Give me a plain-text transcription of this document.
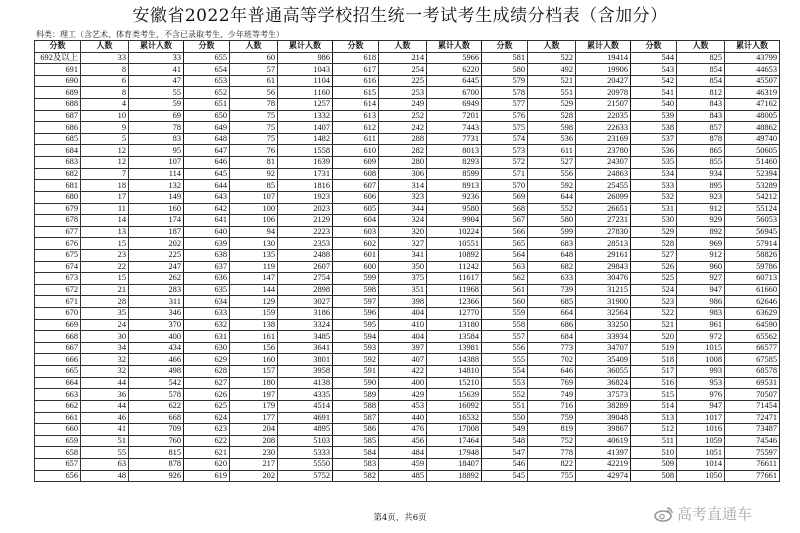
安徽省2022年普通高等学校招生统一考试考生成绩分档表（含加分）
科类：理工（含艺术、体育类考生，不含已录取考生、少年班等考生）
分数	人数	累计人数	分数	人数	累计人数	分数	人数	累计人数	分数	人数	累计人数	分数	人数	累计人数
692及以上	33	33	655	60	986	618	214	5966	581	522	19414	544	825	43799
691	8	41	654	57	1043	617	254	6220	580	492	19906	543	854	44653
690	6	47	653	61	1104	616	225	6445	579	521	20427	542	854	45507
689	8	55	652	56	1160	615	253	6700	578	551	20978	541	812	46319
688	4	59	651	78	1257	614	249	6949	577	529	21507	540	843	47162
687	10	69	650	75	1332	613	252	7201	576	528	22035	539	843	48005
686	9	78	649	75	1407	612	242	7443	575	598	22633	538	857	48862
685	5	83	648	75	1482	611	288	7731	574	536	23169	537	878	49740
684	12	95	647	76	1558	610	282	8013	573	611	23780	536	865	50605
683	12	107	646	81	1639	609	280	8293	572	527	24307	535	855	51460
682	7	114	645	92	1731	608	306	8599	571	556	24863	534	934	52394
681	18	132	644	85	1816	607	314	8913	570	592	25455	533	895	53289
680	17	149	643	107	1923	606	323	9236	569	644	26099	532	923	54212
679	11	160	642	100	2023	605	344	9580	568	552	26651	531	912	55124
678	14	174	641	106	2129	604	324	9904	567	580	27231	530	929	56053
677	13	187	640	94	2223	603	320	10224	566	599	27830	529	892	56945
676	15	202	639	130	2353	602	327	10551	565	683	28513	528	969	57914
675	23	225	638	135	2488	601	341	10892	564	648	29161	527	912	58826
674	22	247	637	119	2607	600	350	11242	563	682	29843	526	960	59786
673	15	262	636	147	2754	599	375	11617	562	633	30476	525	927	60713
672	21	283	635	144	2898	598	351	11968	561	739	31215	524	947	61660
671	28	311	634	129	3027	597	398	12366	560	685	31900	523	986	62646
670	35	346	633	159	3186	596	404	12770	559	664	32564	522	983	63629
669	24	370	632	138	3324	595	410	13180	558	686	33250	521	961	64590
668	30	400	631	161	3485	594	404	13584	557	684	33934	520	972	65562
667	34	434	630	156	3641	593	397	13981	556	773	34707	519	1015	66577
666	32	466	629	160	3801	592	407	14388	555	702	35409	518	1008	67585
665	32	498	628	157	3958	591	422	14810	554	646	36055	517	993	68578
664	44	542	627	180	4138	590	400	15210	553	769	36824	516	953	69531
663	36	578	626	197	4335	589	429	15639	552	749	37573	515	976	70507
662	44	622	625	179	4514	588	453	16092	551	716	38289	514	947	71454
661	46	668	624	177	4691	587	440	16532	550	759	39048	513	1017	72471
660	41	709	623	204	4895	586	476	17008	549	819	39867	512	1016	73487
659	51	760	622	208	5103	585	456	17464	548	752	40619	511	1059	74546
658	55	815	621	230	5333	584	484	17948	547	778	41397	510	1051	75597
657	63	878	620	217	5550	583	459	18407	546	822	42219	509	1014	76611
656	48	926	619	202	5752	582	485	18892	545	755	42974	508	1050	77661
第4页，共6页	高考直通车
